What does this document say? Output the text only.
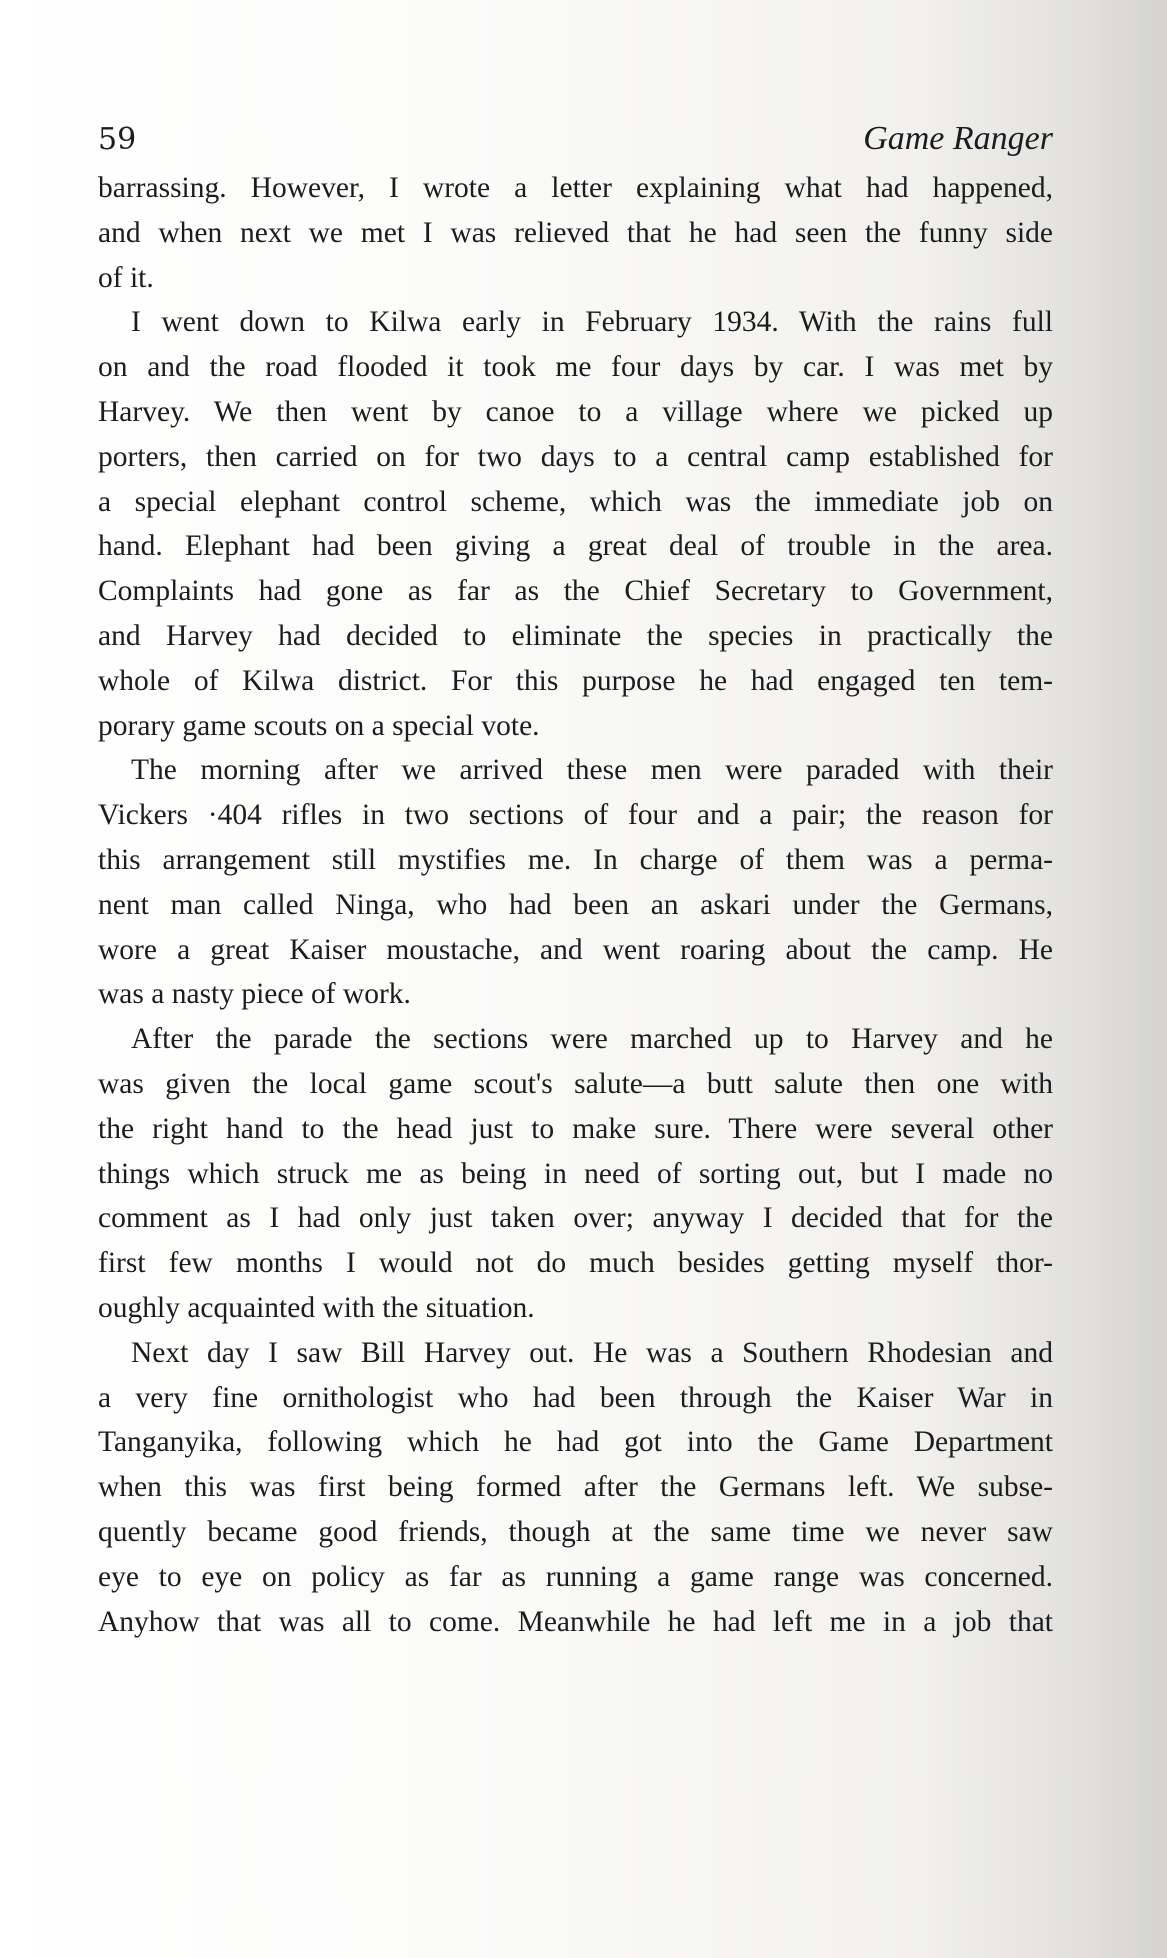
59	Game Ranger
barrassing. However, I wrote a letter explaining what had happened,
and when next we met I was relieved that he had seen the funny side
of it.
I went down to Kilwa early in February 1934. With the rains full
on and the road flooded it took me four days by car. I was met by
Harvey. We then went by canoe to a village where we picked up
porters, then carried on for two days to a central camp established for
a special elephant control scheme, which was the immediate job on
hand. Elephant had been giving a great deal of trouble in the area.
Complaints had gone as far as the Chief Secretary to Government,
and Harvey had decided to eliminate the species in practically the
whole of Kilwa district. For this purpose he had engaged ten tem-
porary game scouts on a special vote.
The morning after we arrived these men were paraded with their
Vickers ·404 rifles in two sections of four and a pair; the reason for
this arrangement still mystifies me. In charge of them was a perma-
nent man called Ninga, who had been an askari under the Germans,
wore a great Kaiser moustache, and went roaring about the camp. He
was a nasty piece of work.
After the parade the sections were marched up to Harvey and he
was given the local game scout's salute—a butt salute then one with
the right hand to the head just to make sure. There were several other
things which struck me as being in need of sorting out, but I made no
comment as I had only just taken over; anyway I decided that for the
first few months I would not do much besides getting myself thor-
oughly acquainted with the situation.
Next day I saw Bill Harvey out. He was a Southern Rhodesian and
a very fine ornithologist who had been through the Kaiser War in
Tanganyika, following which he had got into the Game Department
when this was first being formed after the Germans left. We subse-
quently became good friends, though at the same time we never saw
eye to eye on policy as far as running a game range was concerned.
Anyhow that was all to come. Meanwhile he had left me in a job that
